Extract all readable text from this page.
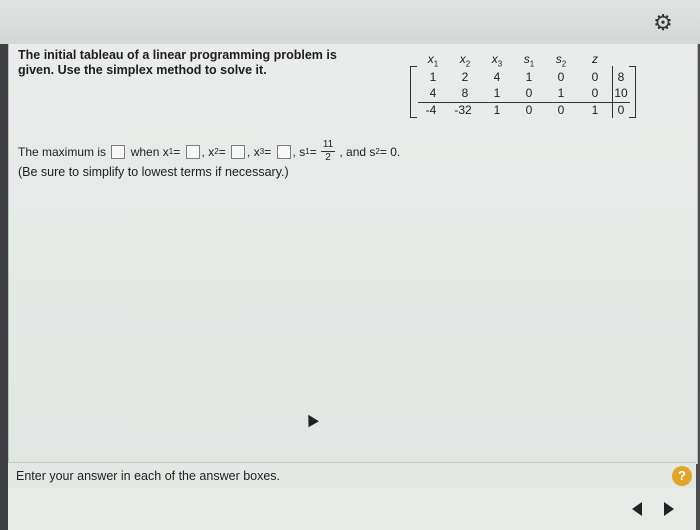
⚙
The initial tableau of a linear programming problem is given. Use the simplex method to solve it.
$x_1$	$x_2$	$x_3$	$s_1$	$s_2$	z
1	2	4	1	0	0	8
4	8	1	0	1	0	10
-4	-32	1	0	0	1	0
The maximum is when x1= , x2= , x3= , $s1= \frac{11}{2}$ , and s2= 0.
(Be sure to simplify to lowest terms if necessary.)
Enter your answer in each of the answer boxes.	?
